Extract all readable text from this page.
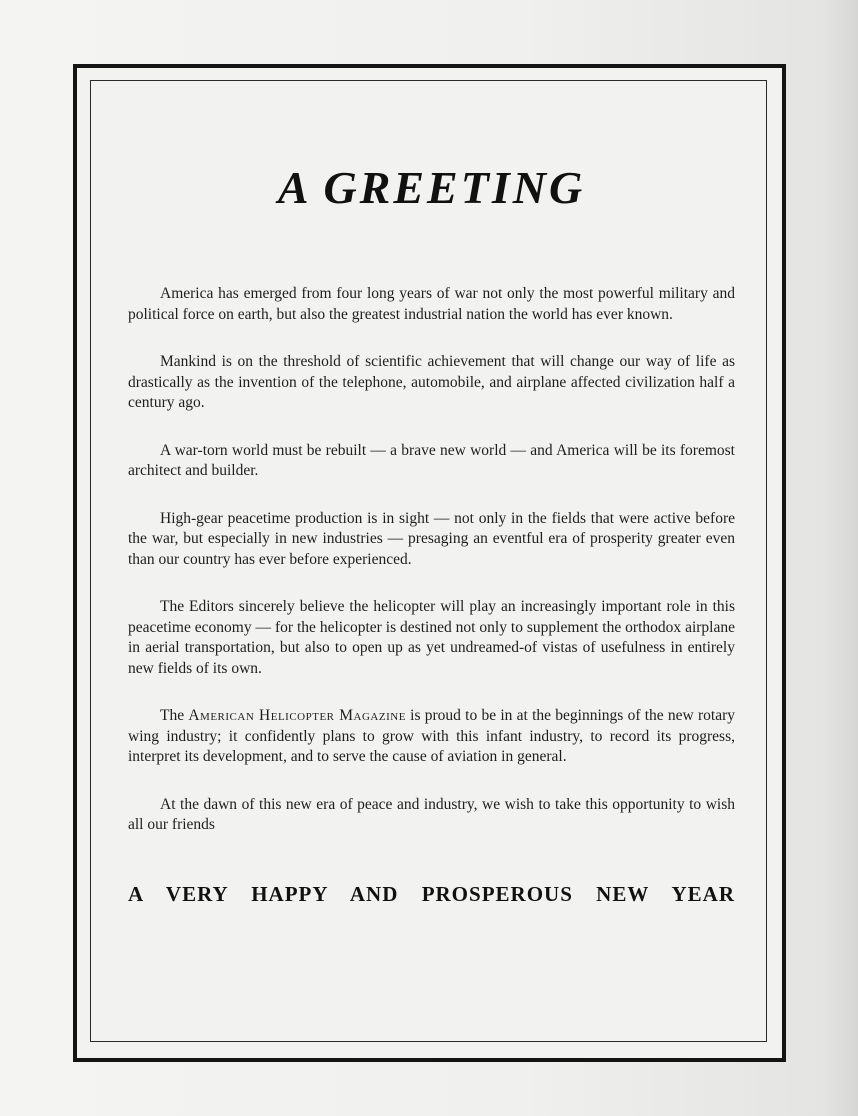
A GREETING

America has emerged from four long years of war not only the most powerful military and political force on earth, but also the greatest industrial nation the world has ever known.

Mankind is on the threshold of scientific achievement that will change our way of life as drastically as the invention of the telephone, automobile, and airplane affected civilization half a century ago.

A war-torn world must be rebuilt — a brave new world — and America will be its foremost architect and builder.

High-gear peacetime production is in sight — not only in the fields that were active before the war, but especially in new industries — presaging an eventful era of prosperity greater even than our country has ever before experienced.

The Editors sincerely believe the helicopter will play an increasingly important role in this peacetime economy — for the helicopter is destined not only to supplement the orthodox airplane in aerial transportation, but also to open up as yet undreamed-of vistas of usefulness in entirely new fields of its own.

The American Helicopter Magazine is proud to be in at the beginnings of the new rotary wing industry; it confidently plans to grow with this infant industry, to record its progress, interpret its development, and to serve the cause of aviation in general.

At the dawn of this new era of peace and industry, we wish to take this opportunity to wish all our friends

A VERY HAPPY AND PROSPEROUS NEW YEAR
